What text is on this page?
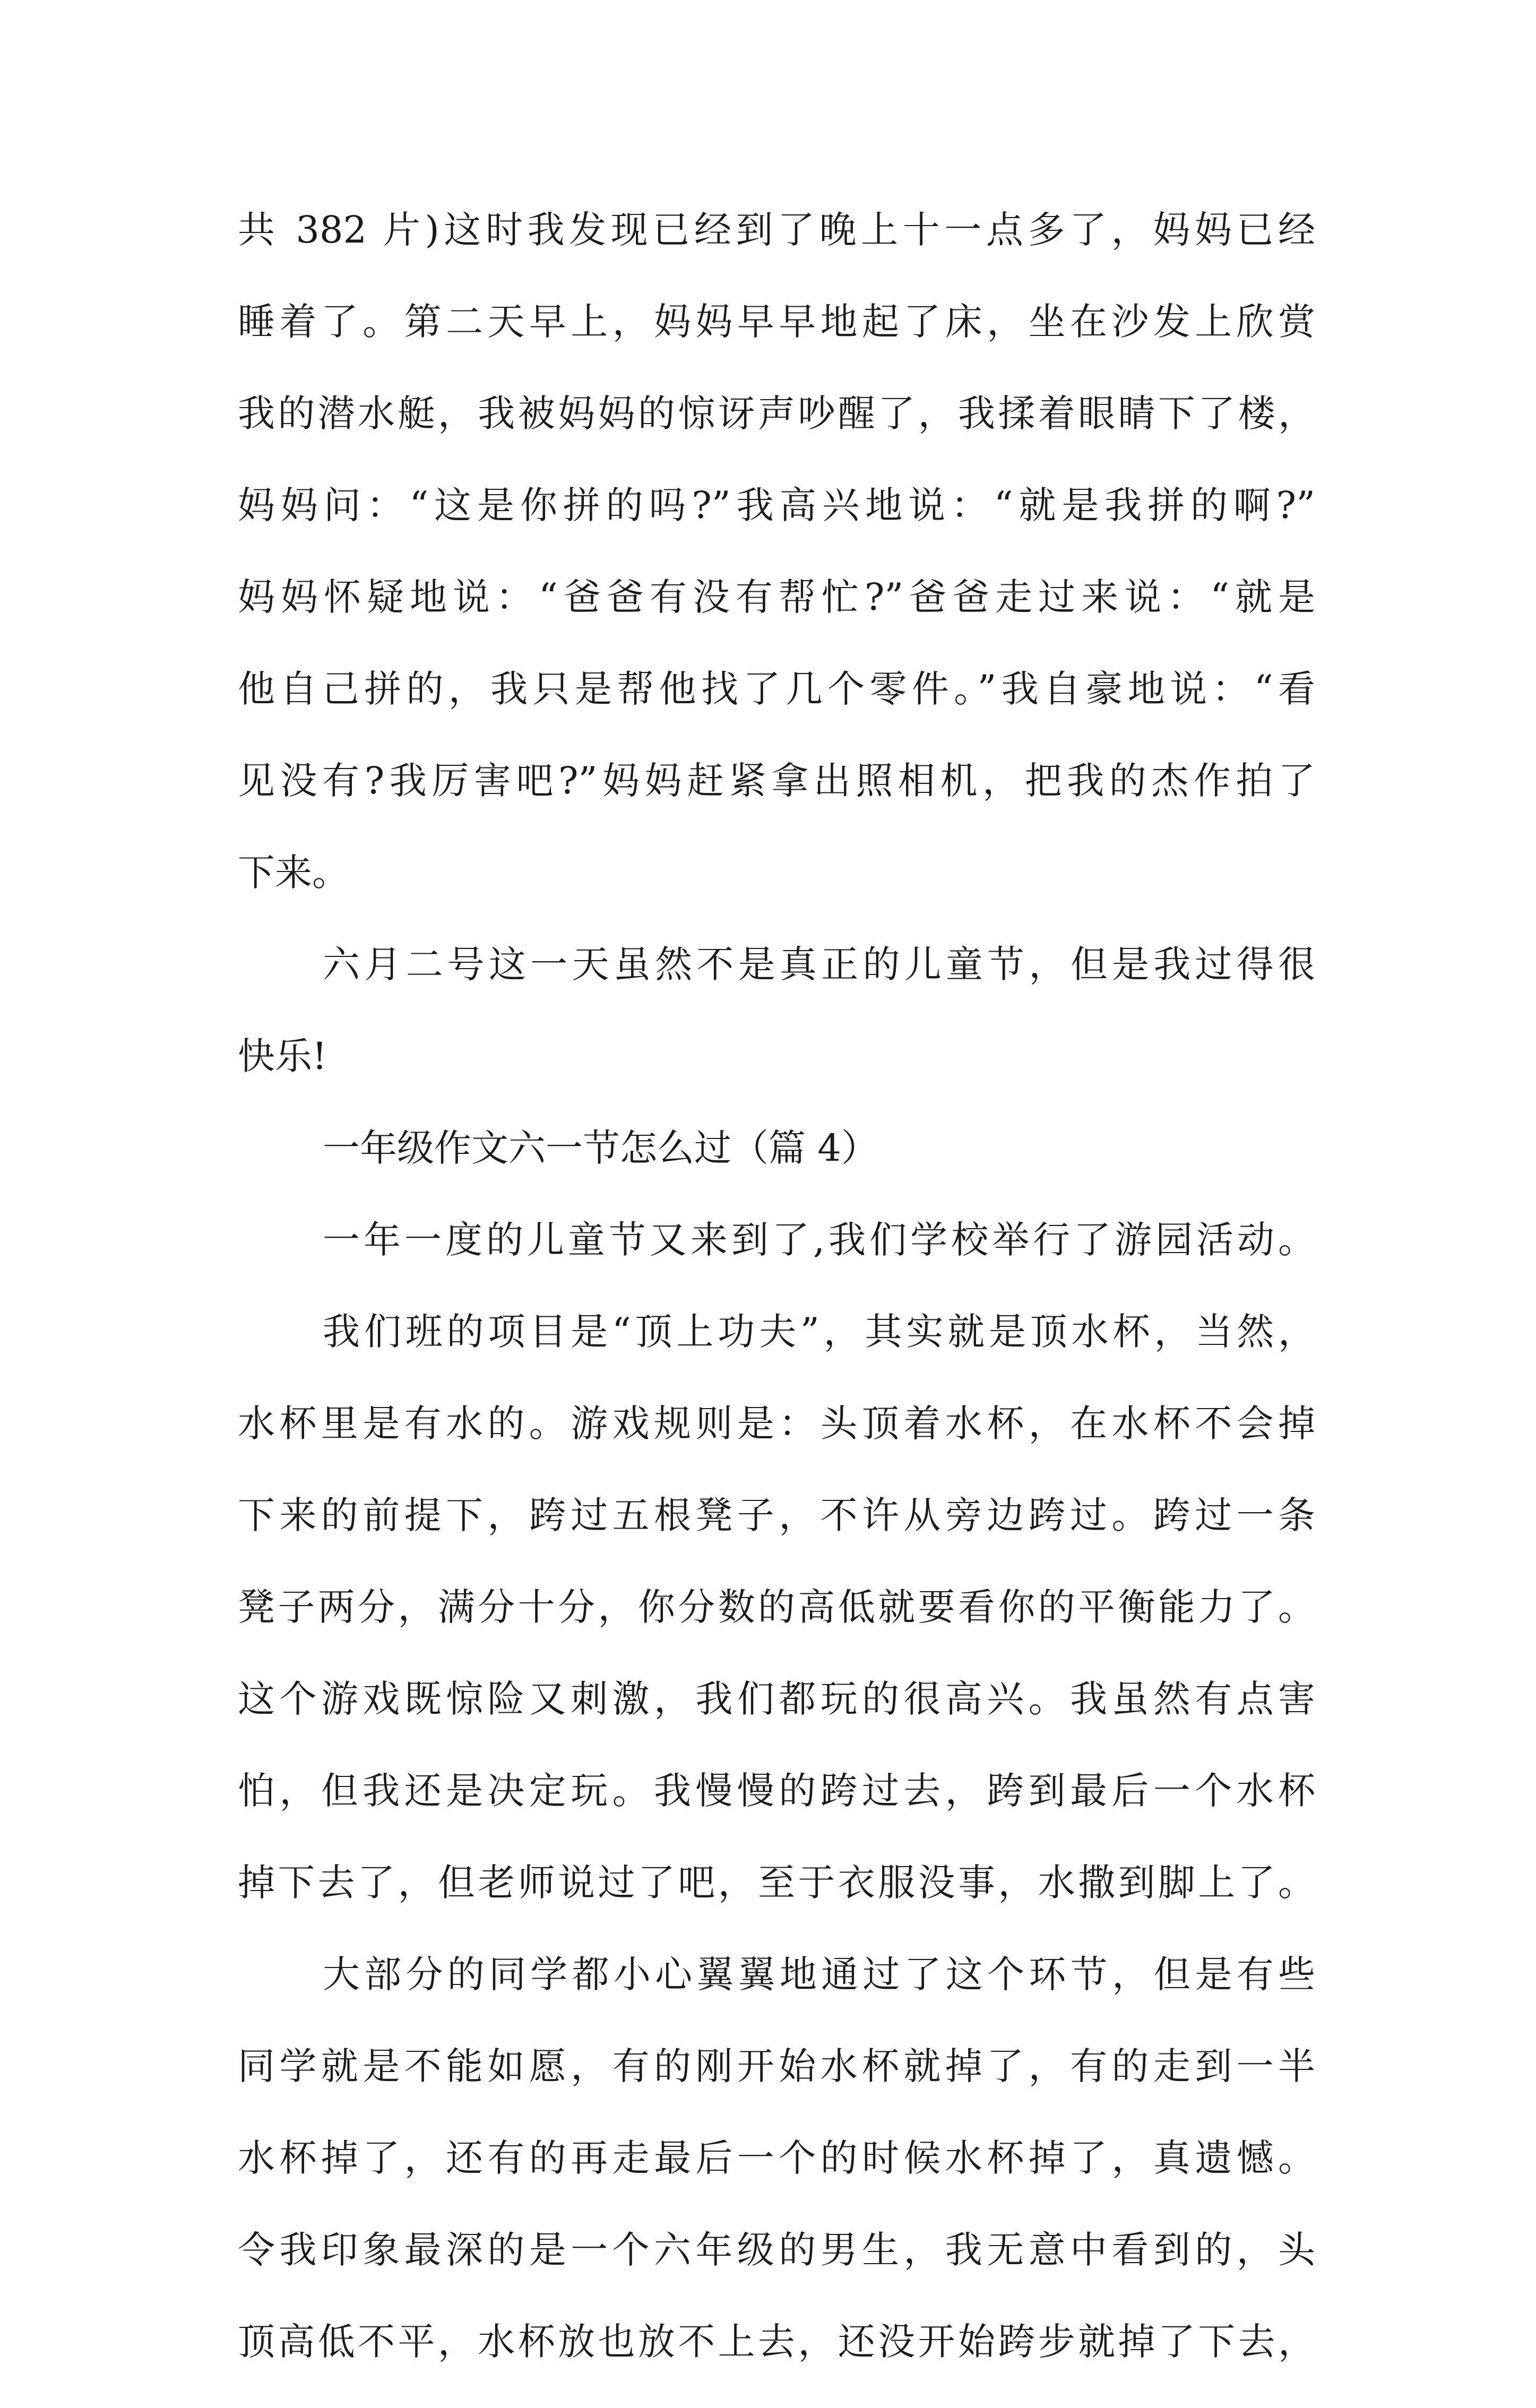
共 382 片)这时我发现已经到了晚上十一点多了，妈妈已经
睡着了。第二天早上，妈妈早早地起了床，坐在沙发上欣赏
我的潜水艇，我被妈妈的惊讶声吵醒了，我揉着眼睛下了楼，
妈妈问：“这是你拼的吗?”我高兴地说：“就是我拼的啊?”
妈妈怀疑地说：“爸爸有没有帮忙?”爸爸走过来说：“就是
他自己拼的，我只是帮他找了几个零件。”我自豪地说：“看
见没有?我厉害吧?”妈妈赶紧拿出照相机，把我的杰作拍了
下来。
六月二号这一天虽然不是真正的儿童节，但是我过得很
快乐!
一年级作文六一节怎么过（篇 4）
一年一度的儿童节又来到了,我们学校举行了游园活动。
我们班的项目是“顶上功夫”，其实就是顶水杯，当然，
水杯里是有水的。游戏规则是：头顶着水杯，在水杯不会掉
下来的前提下，跨过五根凳子，不许从旁边跨过。跨过一条
凳子两分，满分十分，你分数的高低就要看你的平衡能力了。
这个游戏既惊险又刺激，我们都玩的很高兴。我虽然有点害
怕，但我还是决定玩。我慢慢的跨过去，跨到最后一个水杯
掉下去了，但老师说过了吧，至于衣服没事，水撒到脚上了。
大部分的同学都小心翼翼地通过了这个环节，但是有些
同学就是不能如愿，有的刚开始水杯就掉了，有的走到一半
水杯掉了，还有的再走最后一个的时候水杯掉了，真遗憾。
令我印象最深的是一个六年级的男生，我无意中看到的，头
顶高低不平，水杯放也放不上去，还没开始跨步就掉了下去，
